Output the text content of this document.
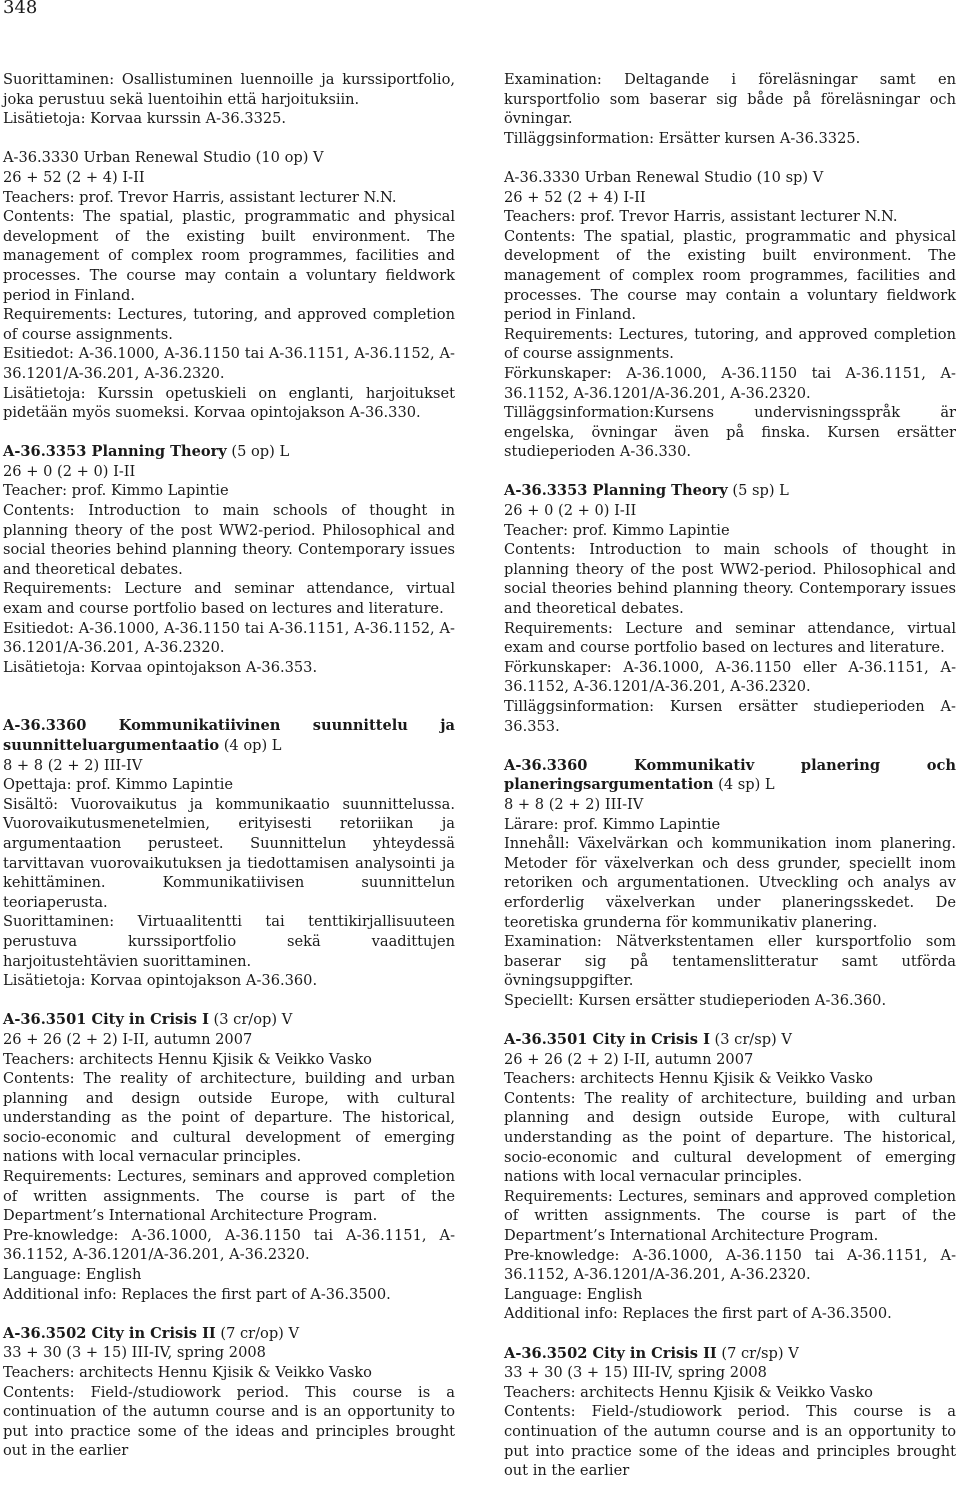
348

Suorittaminen: Osallistuminen luennoille ja kurssiportfolio, joka perustuu sekä luentoihin että harjoituksiin.

Lisätietoja: Korvaa kurssin A-36.3325.

A-36.3330 Urban Renewal Studio (10 op) V

26 + 52 (2 + 4) I-II

Teachers: prof. Trevor Harris, assistant lecturer N.N.

Contents: The spatial, plastic, programmatic and physical development of the existing built environment. The management of complex room programmes, facilities and processes. The course may contain a voluntary fieldwork period in Finland.

Requirements: Lectures, tutoring, and approved completion of course assignments.

Esitiedot: A-36.1000, A-36.1150 tai A-36.1151, A-36.1152, A-36.1201/A-36.201, A-36.2320.

Lisätietoja: Kurssin opetuskieli on englanti, harjoitukset pidetään myös suomeksi. Korvaa opintojakson A-36.330.

A-36.3353 Planning Theory (5 op) L

26 + 0 (2 + 0) I-II

Teacher: prof. Kimmo Lapintie

Contents: Introduction to main schools of thought in planning theory of the post WW2-period. Philosophical and social theories behind planning theory. Contemporary issues and theoretical debates.

Requirements: Lecture and seminar attendance, virtual exam and course portfolio based on lectures and literature.

Esitiedot: A-36.1000, A-36.1150 tai A-36.1151, A-36.1152, A-36.1201/A-36.201, A-36.2320.

Lisätietoja: Korvaa opintojakson A-36.353.

A-36.3360 Kommunikatiivinen suunnittelu ja suunnitteluargumentaatio (4 op) L

8 + 8 (2 + 2) III-IV

Opettaja: prof. Kimmo Lapintie

Sisältö: Vuorovaikutus ja kommunikaatio suunnittelussa. Vuorovaikutusmenetelmien, erityisesti retoriikan ja argumentaation perusteet. Suunnittelun yhteydessä tarvittavan vuorovaikutuksen ja tiedottamisen analysointi ja kehittäminen. Kommunikatiivisen suunnittelun teoriaperusta.

Suorittaminen: Virtuaalitentti tai tenttikirjallisuuteen perustuva kurssiportfolio sekä vaadittujen harjoitustehtävien suorittaminen.

Lisätietoja: Korvaa opintojakson A-36.360.

A-36.3501 City in Crisis I (3 cr/op) V

26 + 26 (2 + 2) I-II, autumn 2007

Teachers: architects Hennu Kjisik & Veikko Vasko

Contents: The reality of architecture, building and urban planning and design outside Europe, with cultural understanding as the point of departure. The historical, socio-economic and cultural development of emerging nations with local vernacular principles.

Requirements: Lectures, seminars and approved completion of written assignments. The course is part of the Department’s International Architecture Program.

Pre-knowledge: A-36.1000, A-36.1150 tai A-36.1151, A-36.1152, A-36.1201/A-36.201, A-36.2320.

Language: English

Additional info: Replaces the first part of A-36.3500.

A-36.3502 City in Crisis II (7 cr/op) V

33 + 30 (3 + 15) III-IV, spring 2008

Teachers: architects Hennu Kjisik & Veikko Vasko

Contents: Field-/studiowork period. This course is a continuation of the autumn course and is an opportunity to put into practice some of the ideas and principles brought out in the earlier

Examination: Deltagande i föreläsningar samt en kursportfolio som baserar sig både på föreläsningar och övningar.

Tilläggsinformation: Ersätter kursen A-36.3325.

A-36.3330 Urban Renewal Studio (10 sp) V

26 + 52 (2 + 4) I-II

Teachers: prof. Trevor Harris, assistant lecturer N.N.

Contents: The spatial, plastic, programmatic and physical development of the existing built environment. The management of complex room programmes, facilities and processes. The course may contain a voluntary fieldwork period in Finland.

Requirements: Lectures, tutoring, and approved completion of course assignments.

Förkunskaper: A-36.1000, A-36.1150 tai A-36.1151, A-36.1152, A-36.1201/A-36.201, A-36.2320.

Tilläggsinformation:Kursens undervisningsspråk är engelska, övningar även på finska. Kursen ersätter studieperioden A-36.330.

A-36.3353 Planning Theory (5 sp) L

26 + 0 (2 + 0) I-II

Teacher: prof. Kimmo Lapintie

Contents: Introduction to main schools of thought in planning theory of the post WW2-period. Philosophical and social theories behind planning theory. Contemporary issues and theoretical debates.

Requirements: Lecture and seminar attendance, virtual exam and course portfolio based on lectures and literature.

Förkunskaper: A-36.1000, A-36.1150 eller A-36.1151, A-36.1152, A-36.1201/A-36.201, A-36.2320.

Tilläggsinformation: Kursen ersätter studieperioden A-36.353.

A-36.3360 Kommunikativ planering och planeringsargumentation (4 sp) L

8 + 8 (2 + 2) III-IV

Lärare: prof. Kimmo Lapintie

Innehåll: Växelvärkan och kommunikation inom planering. Metoder för växelverkan och dess grunder, speciellt inom retoriken och argumentationen. Utveckling och analys av erforderlig växelverkan under planeringsskedet. De teoretiska grunderna för kommunikativ planering.

Examination: Nätverkstentamen eller kursportfolio som baserar sig på tentamenslitteratur samt utförda övningsuppgifter.

Speciellt: Kursen ersätter studieperioden A-36.360.

A-36.3501 City in Crisis I (3 cr/sp) V

26 + 26 (2 + 2) I-II, autumn 2007

Teachers: architects Hennu Kjisik & Veikko Vasko

Contents: The reality of architecture, building and urban planning and design outside Europe, with cultural understanding as the point of departure. The historical, socio-economic and cultural development of emerging nations with local vernacular principles.

Requirements: Lectures, seminars and approved completion of written assignments. The course is part of the Department’s International Architecture Program.

Pre-knowledge: A-36.1000, A-36.1150 tai A-36.1151, A-36.1152, A-36.1201/A-36.201, A-36.2320.

Language: English

Additional info: Replaces the first part of A-36.3500.

A-36.3502 City in Crisis II (7 cr/sp) V

33 + 30 (3 + 15) III-IV, spring 2008

Teachers: architects Hennu Kjisik & Veikko Vasko

Contents: Field-/studiowork period. This course is a continuation of the autumn course and is an opportunity to put into practice some of the ideas and principles brought out in the earlier
